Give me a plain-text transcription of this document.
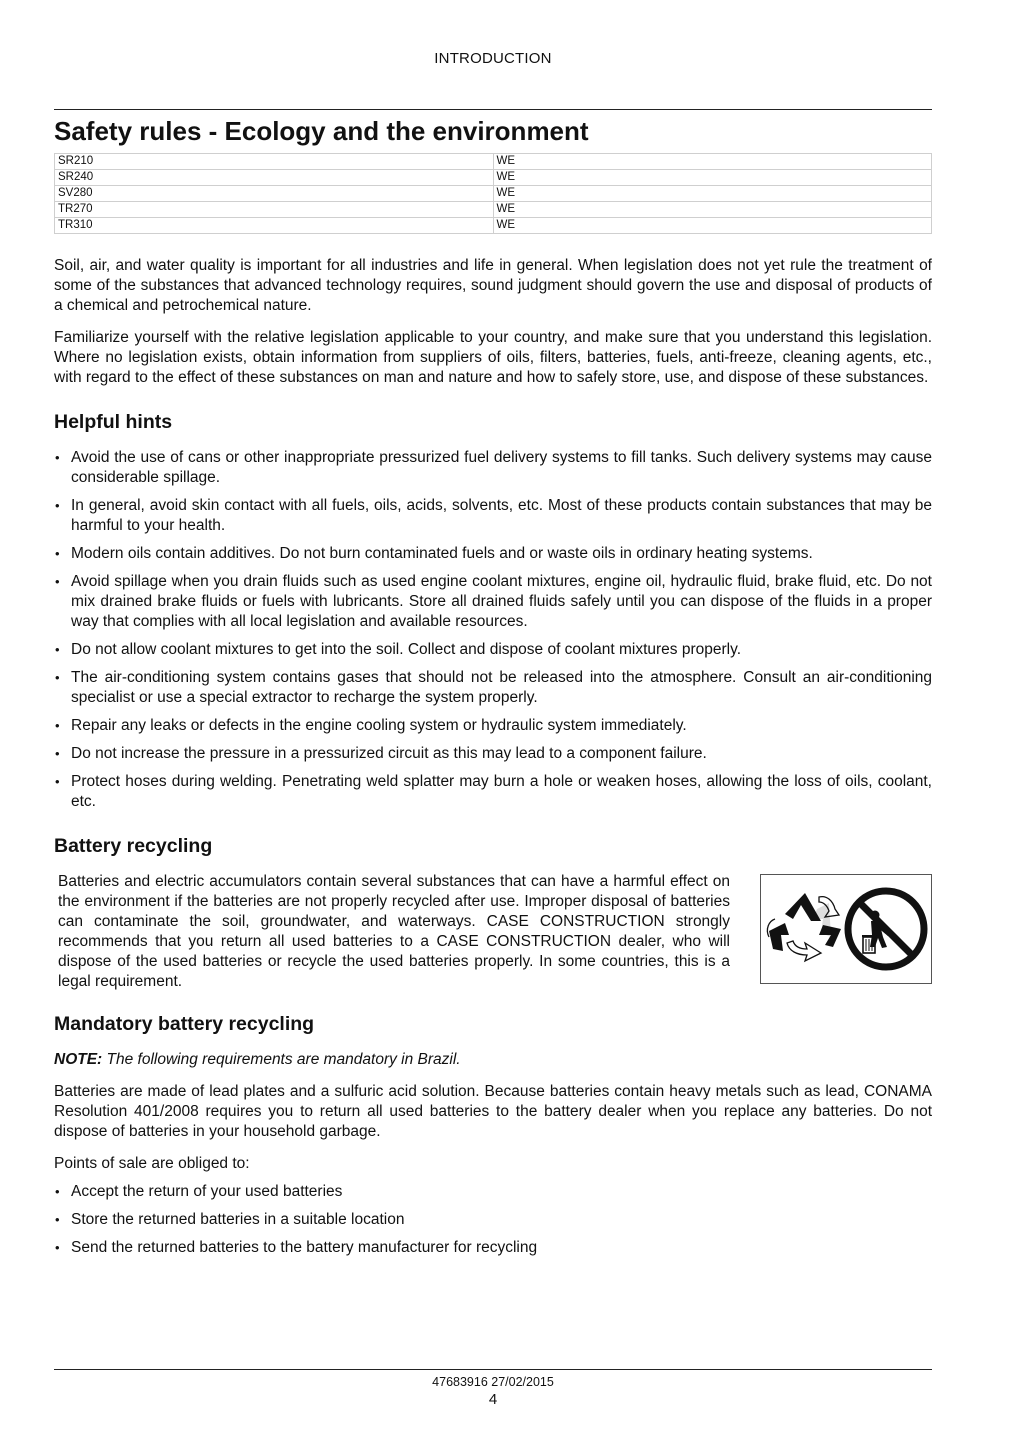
INTRODUCTION
Safety rules - Ecology and the environment
SR210	WE
SR240	WE
SV280	WE
TR270	WE
TR310	WE

Soil, air, and water quality is important for all industries and life in general. When legislation does not yet rule the treatment of some of the substances that advanced technology requires, sound judgment should govern the use and disposal of products of a chemical and petrochemical nature.

Familiarize yourself with the relative legislation applicable to your country, and make sure that you understand this legislation. Where no legislation exists, obtain information from suppliers of oils, filters, batteries, fuels, anti-freeze, cleaning agents, etc., with regard to the effect of these substances on man and nature and how to safely store, use, and dispose of these substances.

Helpful hints
• Avoid the use of cans or other inappropriate pressurized fuel delivery systems to fill tanks. Such delivery systems may cause considerable spillage.
• In general, avoid skin contact with all fuels, oils, acids, solvents, etc. Most of these products contain substances that may be harmful to your health.
• Modern oils contain additives. Do not burn contaminated fuels and or waste oils in ordinary heating systems.
• Avoid spillage when you drain fluids such as used engine coolant mixtures, engine oil, hydraulic fluid, brake fluid, etc. Do not mix drained brake fluids or fuels with lubricants. Store all drained fluids safely until you can dispose of the fluids in a proper way that complies with all local legislation and available resources.
• Do not allow coolant mixtures to get into the soil. Collect and dispose of coolant mixtures properly.
• The air-conditioning system contains gases that should not be released into the atmosphere. Consult an air-conditioning specialist or use a special extractor to recharge the system properly.
• Repair any leaks or defects in the engine cooling system or hydraulic system immediately.
• Do not increase the pressure in a pressurized circuit as this may lead to a component failure.
• Protect hoses during welding. Penetrating weld splatter may burn a hole or weaken hoses, allowing the loss of oils, coolant, etc.
Battery recycling

Batteries and electric accumulators contain several substances that can have a harmful effect on the environment if the batteries are not properly recycled after use. Improper disposal of batteries can contaminate the soil, groundwater, and waterways. CASE CONSTRUCTION strongly recommends that you return all used batteries to a CASE CONSTRUCTION dealer, who will dispose of the used batteries or recycle the used batteries properly. In some countries, this is a legal requirement.

Mandatory battery recycling

NOTE: The following requirements are mandatory in Brazil.

Batteries are made of lead plates and a sulfuric acid solution. Because batteries contain heavy metals such as lead, CONAMA Resolution 401/2008 requires you to return all used batteries to the battery dealer when you replace any batteries. Do not dispose of batteries in your household garbage.

Points of sale are obliged to:

• Accept the return of your used batteries
• Store the returned batteries in a suitable location
• Send the returned batteries to the battery manufacturer for recycling
47683916 27/02/2015
4
